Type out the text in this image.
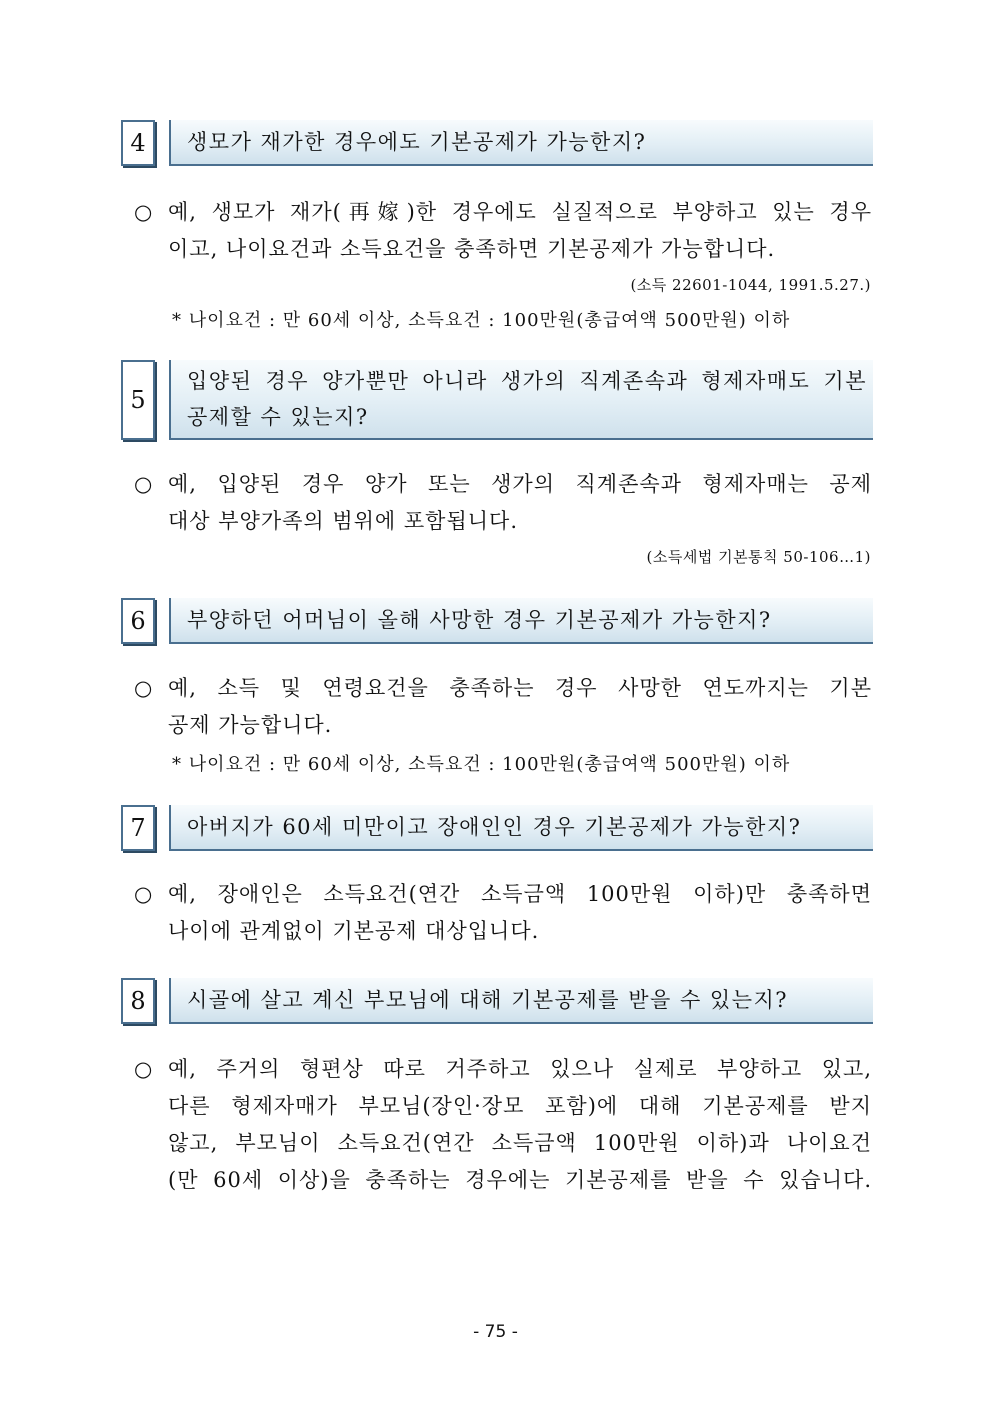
4	생모가 재가한 경우에도 기본공제가 가능한지?
○ 예, 생모가 재가(再嫁)한 경우에도 실질적으로 부양하고 있는 경우
이고, 나이요건과 소득요건을 충족하면 기본공제가 가능합니다.
(소득 22601-1044, 1991.5.27.)
* 나이요건 : 만 60세 이상, 소득요건 : 100만원(총급여액 500만원) 이하
5
입양된 경우 양가뿐만 아니라 생가의 직계존속과 형제자매도 기본
공제할 수 있는지?
○ 예, 입양된 경우 양가 또는 생가의 직계존속과 형제자매는 공제
대상 부양가족의 범위에 포함됩니다.
(소득세법 기본통칙 50-106…1)
6	부양하던 어머님이 올해 사망한 경우 기본공제가 가능한지?
○ 예, 소득 및 연령요건을 충족하는 경우 사망한 연도까지는 기본
공제 가능합니다.
* 나이요건 : 만 60세 이상, 소득요건 : 100만원(총급여액 500만원) 이하
7	아버지가 60세 미만이고 장애인인 경우 기본공제가 가능한지?
○ 예, 장애인은 소득요건(연간 소득금액 100만원 이하)만 충족하면
나이에 관계없이 기본공제 대상입니다.
8	시골에 살고 계신 부모님에 대해 기본공제를 받을 수 있는지?
○ 예, 주거의 형편상 따로 거주하고 있으나 실제로 부양하고 있고,
다른 형제자매가 부모님(장인·장모 포함)에 대해 기본공제를 받지
않고, 부모님이 소득요건(연간 소득금액 100만원 이하)과 나이요건
(만 60세 이상)을 충족하는 경우에는 기본공제를 받을 수 있습니다.
- 75 -
